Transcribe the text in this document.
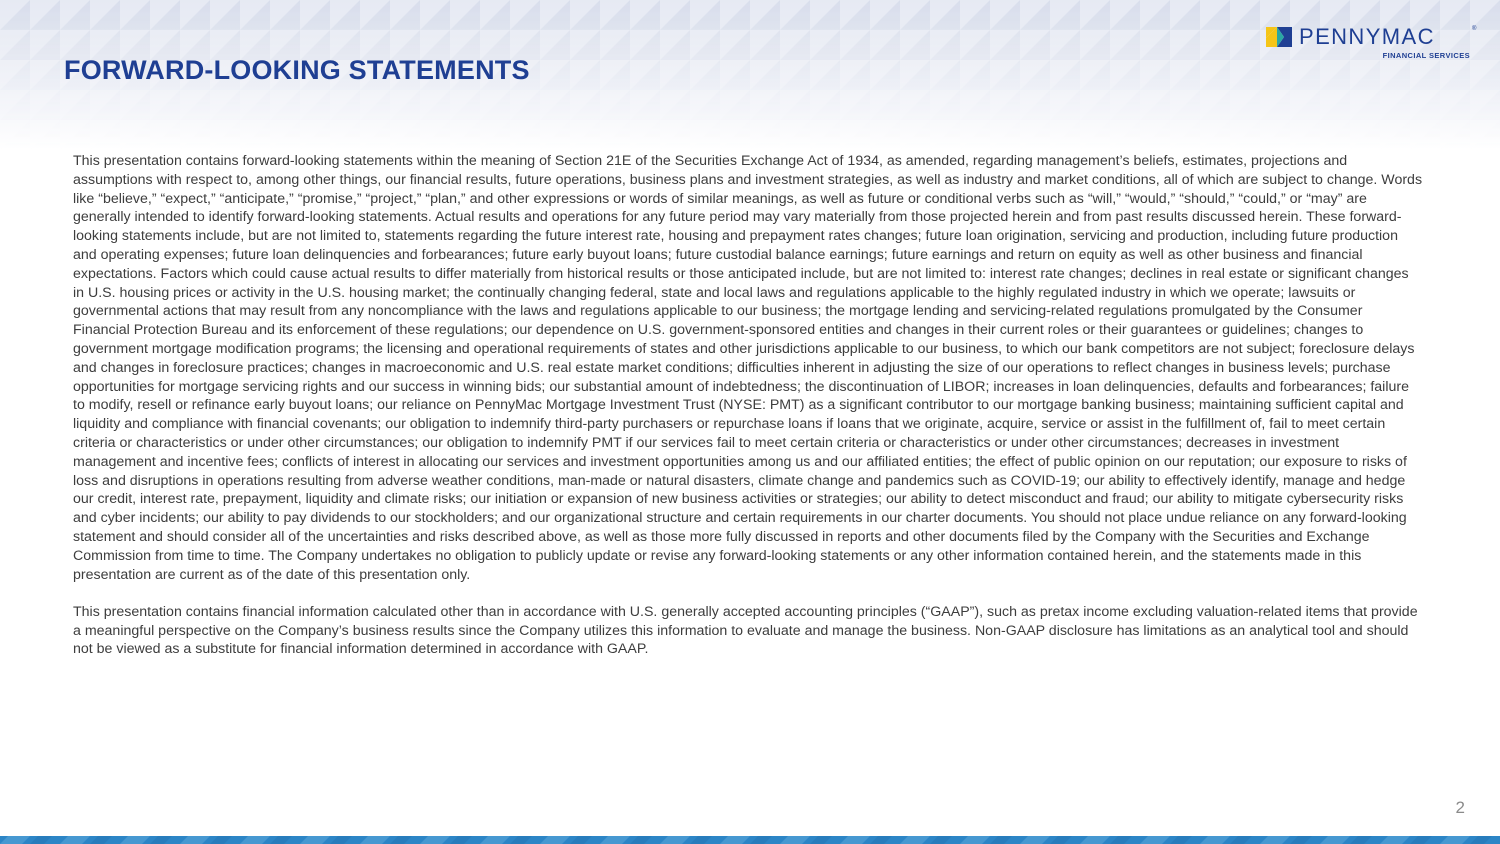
FORWARD-LOOKING STATEMENTS
PENNYMAC	®
FINANCIAL SERVICES

This presentation contains forward-looking statements within the meaning of Section 21E of the Securities Exchange Act of 1934, as amended, regarding management’s beliefs, estimates, projections and assumptions with respect to, among other things, our financial results, future operations, business plans and investment strategies, as well as industry and market conditions, all of which are subject to change. Words like “believe,” “expect,” “anticipate,” “promise,” “project,” “plan,” and other expressions or words of similar meanings, as well as future or conditional verbs such as “will,” “would,” “should,” “could,” or “may” are generally intended to identify forward-looking statements. Actual results and operations for any future period may vary materially from those projected herein and from past results discussed herein. These forward-looking statements include, but are not limited to, statements regarding the future interest rate, housing and prepayment rates changes; future loan origination, servicing and production, including future production and operating expenses; future loan delinquencies and forbearances; future early buyout loans; future custodial balance earnings; future earnings and return on equity as well as other business and financial expectations. Factors which could cause actual results to differ materially from historical results or those anticipated include, but are not limited to: interest rate changes; declines in real estate or significant changes in U.S. housing prices or activity in the U.S. housing market; the continually changing federal, state and local laws and regulations applicable to the highly regulated industry in which we operate; lawsuits or governmental actions that may result from any noncompliance with the laws and regulations applicable to our business; the mortgage lending and servicing-related regulations promulgated by the Consumer Financial Protection Bureau and its enforcement of these regulations; our dependence on U.S. government-sponsored entities and changes in their current roles or their guarantees or guidelines; changes to government mortgage modification programs; the licensing and operational requirements of states and other jurisdictions applicable to our business, to which our bank competitors are not subject; foreclosure delays and changes in foreclosure practices; changes in macroeconomic and U.S. real estate market conditions; difficulties inherent in adjusting the size of our operations to reflect changes in business levels; purchase opportunities for mortgage servicing rights and our success in winning bids; our substantial amount of indebtedness; the discontinuation of LIBOR; increases in loan delinquencies, defaults and forbearances; failure to modify, resell or refinance early buyout loans; our reliance on PennyMac Mortgage Investment Trust (NYSE: PMT) as a significant contributor to our mortgage banking business; maintaining sufficient capital and liquidity and compliance with financial covenants; our obligation to indemnify third-party purchasers or repurchase loans if loans that we originate, acquire, service or assist in the fulfillment of, fail to meet certain criteria or characteristics or under other circumstances; our obligation to indemnify PMT if our services fail to meet certain criteria or characteristics or under other circumstances; decreases in investment management and incentive fees; conflicts of interest in allocating our services and investment opportunities among us and our affiliated entities; the effect of public opinion on our reputation; our exposure to risks of loss and disruptions in operations resulting from adverse weather conditions, man-made or natural disasters, climate change and pandemics such as COVID-19; our ability to effectively identify, manage and hedge our credit, interest rate, prepayment, liquidity and climate risks; our initiation or expansion of new business activities or strategies; our ability to detect misconduct and fraud; our ability to mitigate cybersecurity risks and cyber incidents; our ability to pay dividends to our stockholders; and our organizational structure and certain requirements in our charter documents. You should not place undue reliance on any forward-looking statement and should consider all of the uncertainties and risks described above, as well as those more fully discussed in reports and other documents filed by the Company with the Securities and Exchange Commission from time to time. The Company undertakes no obligation to publicly update or revise any forward-looking statements or any other information contained herein, and the statements made in this presentation are current as of the date of this presentation only.

This presentation contains financial information calculated other than in accordance with U.S. generally accepted accounting principles (“GAAP”), such as pretax income excluding valuation-related items that provide a meaningful perspective on the Company’s business results since the Company utilizes this information to evaluate and manage the business. Non-GAAP disclosure has limitations as an analytical tool and should not be viewed as a substitute for financial information determined in accordance with GAAP.

2
